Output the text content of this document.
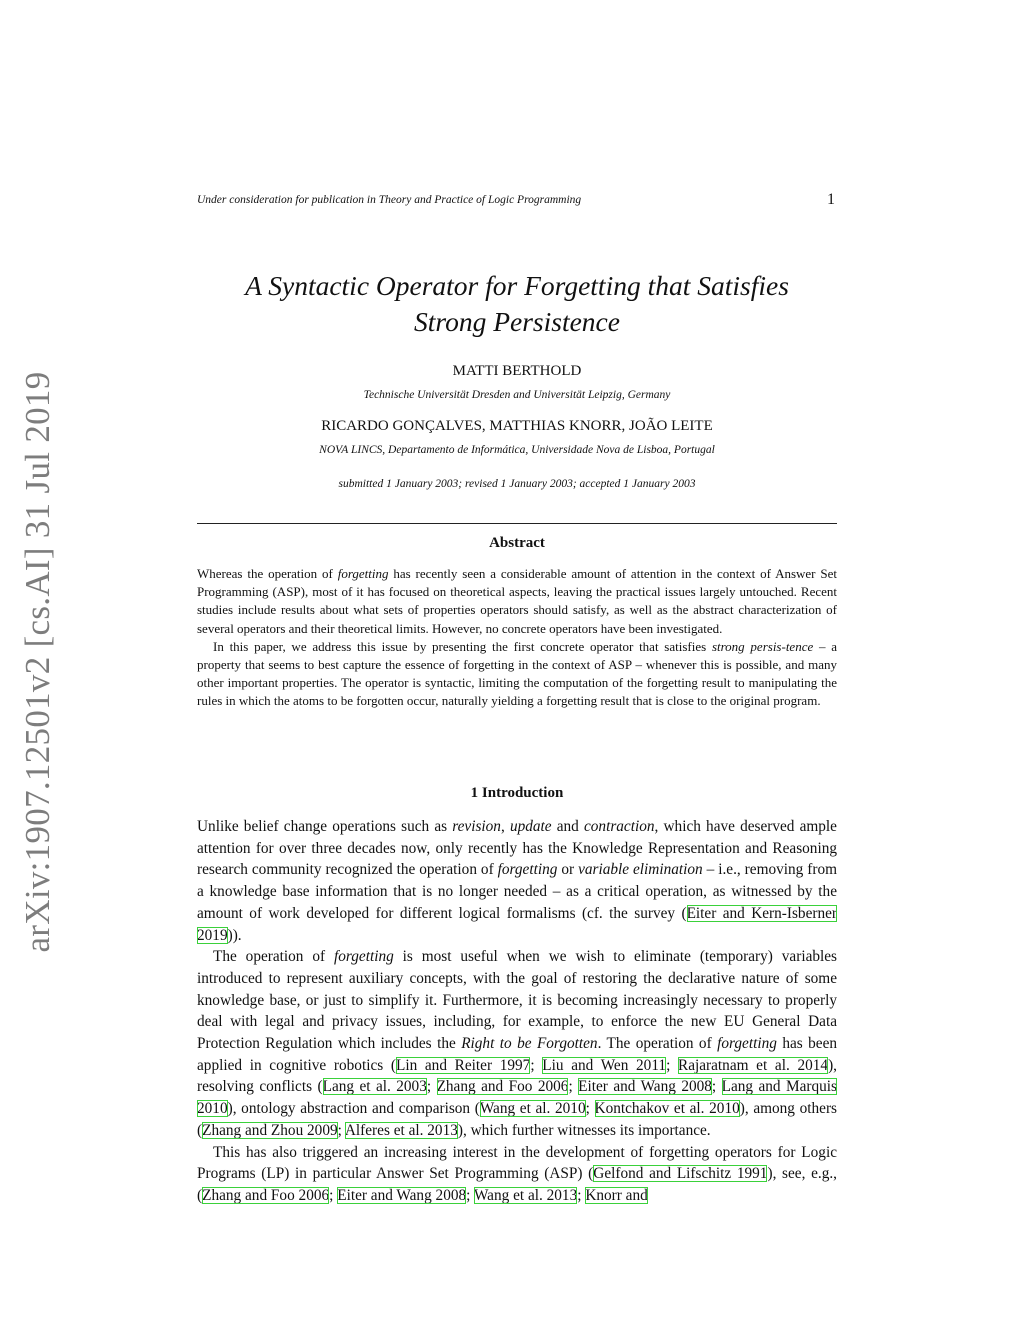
arXiv:1907.12501v2 [cs.AI] 31 Jul 2019
Under consideration for publication in Theory and Practice of Logic Programming	1
A Syntactic Operator for Forgetting that Satisfies
Strong Persistence
MATTI BERTHOLD
Technische Universität Dresden and Universität Leipzig, Germany
RICARDO GONÇALVES, MATTHIAS KNORR, JOÃO LEITE
NOVA LINCS, Departamento de Informática, Universidade Nova de Lisboa, Portugal
submitted 1 January 2003; revised 1 January 2003; accepted 1 January 2003
Abstract

Whereas the operation of forgetting has recently seen a considerable amount of attention in the context of Answer Set Programming (ASP), most of it has focused on theoretical aspects, leaving the practical issues largely untouched. Recent studies include results about what sets of properties operators should satisfy, as well as the abstract characterization of several operators and their theoretical limits. However, no concrete operators have been investigated.

In this paper, we address this issue by presenting the first concrete operator that satisfies strong persis-tence – a property that seems to best capture the essence of forgetting in the context of ASP – whenever this is possible, and many other important properties. The operator is syntactic, limiting the computation of the forgetting result to manipulating the rules in which the atoms to be forgotten occur, naturally yielding a forgetting result that is close to the original program.

1 Introduction

Unlike belief change operations such as revision, update and contraction, which have deserved ample attention for over three decades now, only recently has the Knowledge Representation and Reasoning research community recognized the operation of forgetting or variable elimination – i.e., removing from a knowledge base information that is no longer needed – as a critical operation, as witnessed by the amount of work developed for different logical formalisms (cf. the survey (Eiter and Kern-Isberner 2019)).

The operation of forgetting is most useful when we wish to eliminate (temporary) variables introduced to represent auxiliary concepts, with the goal of restoring the declarative nature of some knowledge base, or just to simplify it. Furthermore, it is becoming increasingly necessary to properly deal with legal and privacy issues, including, for example, to enforce the new EU General Data Protection Regulation which includes the Right to be Forgotten. The operation of forgetting has been applied in cognitive robotics (Lin and Reiter 1997; Liu and Wen 2011; Rajaratnam et al. 2014), resolving conflicts (Lang et al. 2003; Zhang and Foo 2006; Eiter and Wang 2008; Lang and Marquis 2010), ontology abstraction and comparison (Wang et al. 2010; Kontchakov et al. 2010), among others (Zhang and Zhou 2009; Alferes et al. 2013), which further witnesses its importance.

This has also triggered an increasing interest in the development of forgetting operators for Logic Programs (LP) in particular Answer Set Programming (ASP) (Gelfond and Lifschitz 1991), see, e.g., (Zhang and Foo 2006; Eiter and Wang 2008; Wang et al. 2013; Knorr and
